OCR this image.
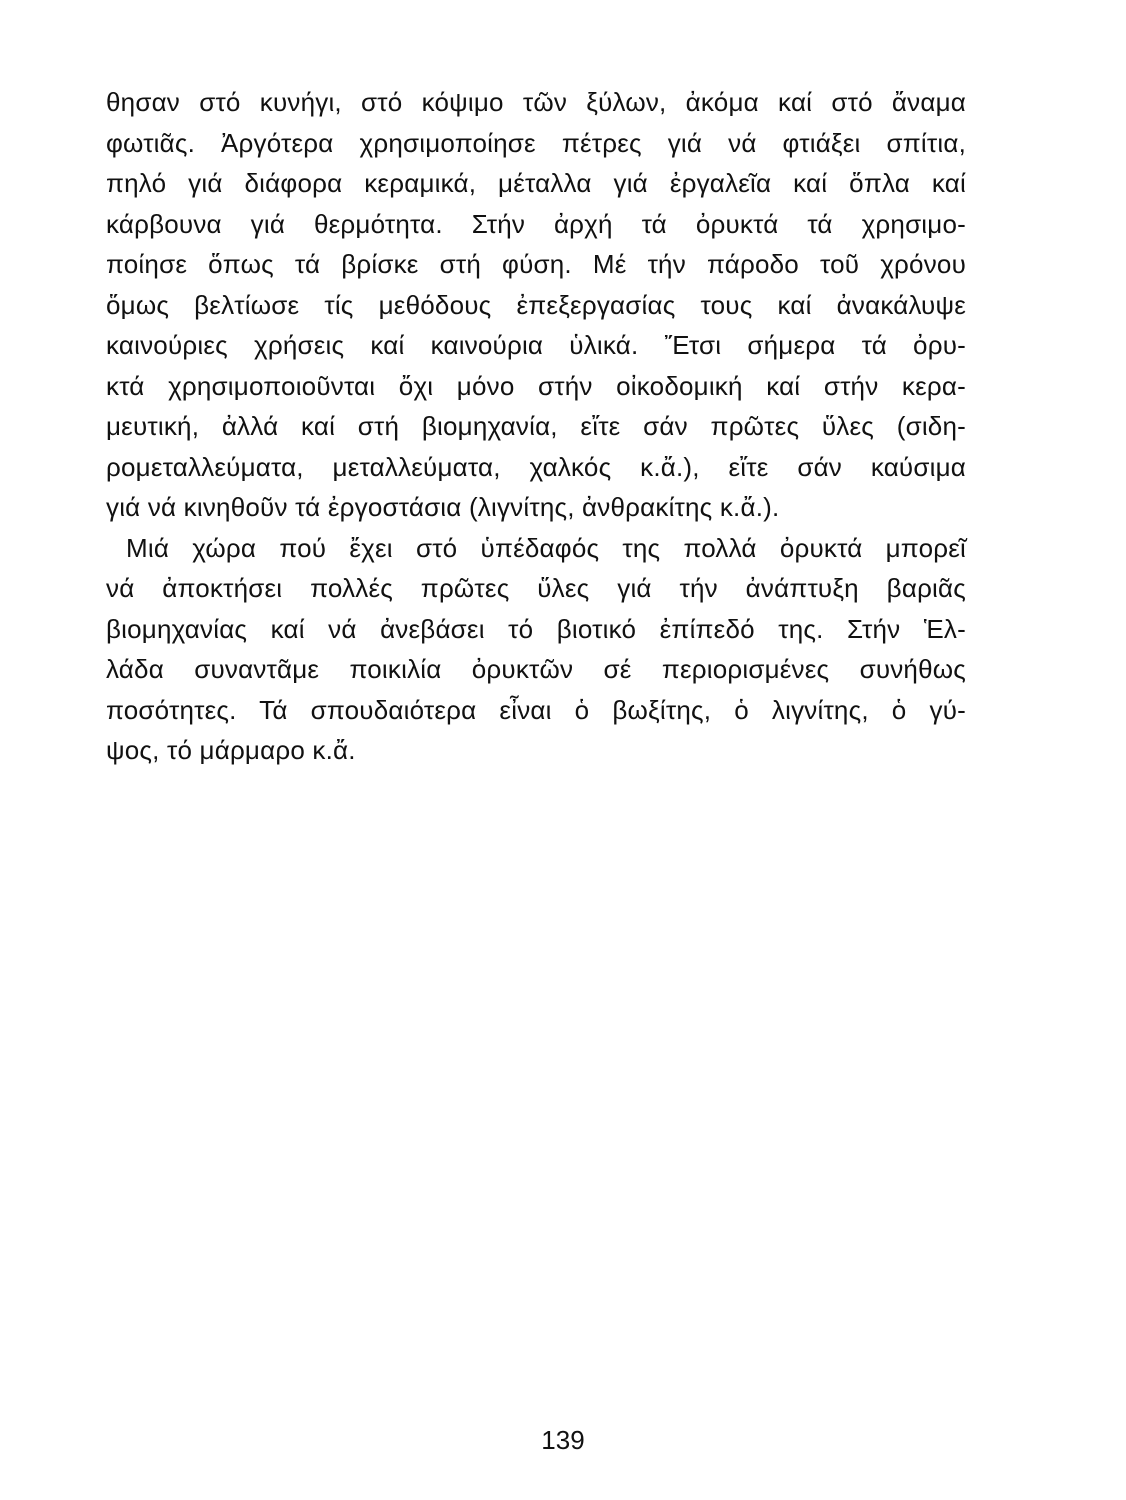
θησαν στό κυνήγι, στό κόψιμο τῶν ξύλων, ἀκόμα καί στό ἄναμα
φωτιᾶς. Ἀργότερα χρησιμοποίησε πέτρες γιά νά φτιάξει σπίτια,
πηλό γιά διάφορα κεραμικά, μέταλλα γιά ἐργαλεῖα καί ὅπλα καί
κάρβουνα γιά θερμότητα. Στήν ἀρχή τά ὀρυκτά τά χρησιμο-
ποίησε ὅπως τά βρίσκε στή φύση. Μέ τήν πάροδο τοῦ χρόνου
ὅμως βελτίωσε τίς μεθόδους ἐπεξεργασίας τους καί ἀνακάλυψε
καινούριες χρήσεις καί καινούρια ὑλικά. Ἔτσι σήμερα τά ὀρυ-
κτά χρησιμοποιοῦνται ὄχι μόνο στήν οἰκοδομική καί στήν κερα-
μευτική, ἀλλά καί στή βιομηχανία, εἴτε σάν πρῶτες ὕλες (σιδη-
ρομεταλλεύματα, μεταλλεύματα, χαλκός κ.ἄ.), εἴτε σάν καύσιμα
γιά νά κινηθοῦν τά ἐργοστάσια (λιγνίτης, ἀνθρακίτης κ.ἄ.).
Μιά χώρα πού ἔχει στό ὑπέδαφός της πολλά ὀρυκτά μπορεῖ
νά ἀποκτήσει πολλές πρῶτες ὕλες γιά τήν ἀνάπτυξη βαριᾶς
βιομηχανίας καί νά ἀνεβάσει τό βιοτικό ἐπίπεδό της. Στήν Ἑλ-
λάδα συναντᾶμε ποικιλία ὀρυκτῶν σέ περιορισμένες συνήθως
ποσότητες. Τά σπουδαιότερα εἶναι ὁ βωξίτης, ὁ λιγνίτης, ὁ γύ-
ψος, τό μάρμαρο κ.ἄ.
139
